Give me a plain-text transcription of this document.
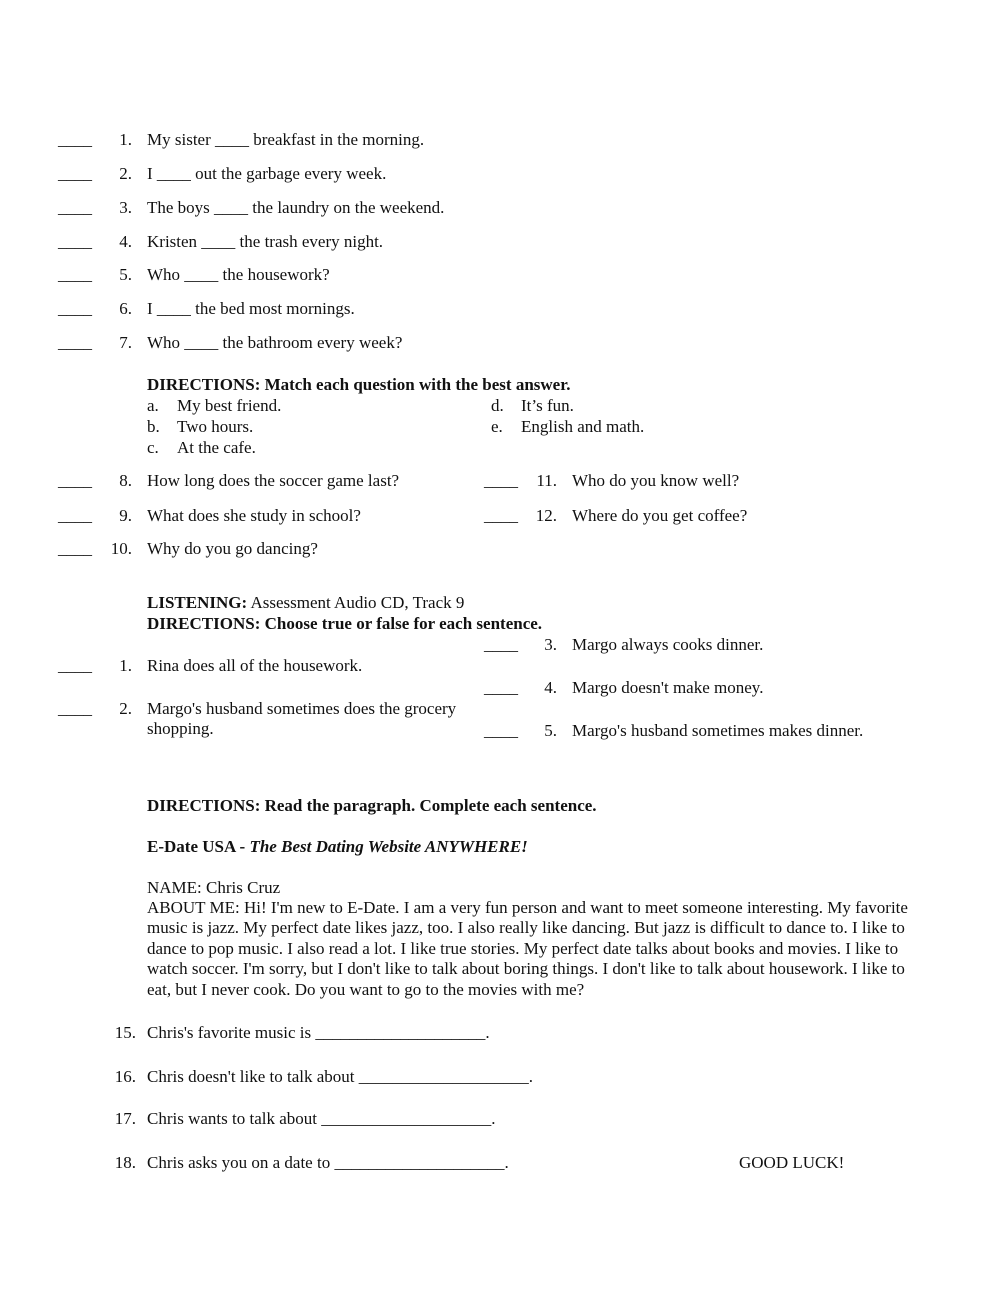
____	1. My sister ____ breakfast in the morning.
____	2. I ____ out the garbage every week.
____	3. The boys ____ the laundry on the weekend.
____	4. Kristen ____ the trash every night.
____	5. Who ____ the housework?
____	6. I ____ the bed most mornings.
____	7. Who ____ the bathroom every week?
DIRECTIONS: Match each question with the best answer.
a. My best friend.
b. Two hours.
c. At the cafe.
d. It’s fun.
e. English and math.
____	8. How long does the soccer game last?
____	9. What does she study in school?
____	10. Why do you go dancing?
____	11. Who do you know well?
____	12. Where do you get coffee?
LISTENING: Assessment Audio CD, Track 9
DIRECTIONS: Choose true or false for each sentence.
____	1. Rina does all of the housework.
____	2. Margo's husband sometimes does the grocery shopping.
____	3. Margo always cooks dinner.
____	4. Margo doesn't make money.
____	5. Margo's husband sometimes makes dinner.
DIRECTIONS: Read the paragraph. Complete each sentence.
E-Date USA - The Best Dating Website ANYWHERE!
NAME: Chris Cruz
ABOUT ME: Hi! I'm new to E-Date. I am a very fun person and want to meet someone interesting. My favorite music is jazz. My perfect date likes jazz, too. I also really like dancing. But jazz is difficult to dance to. I like to dance to pop music. I also read a lot. I like true stories. My perfect date talks about books and movies. I like to watch soccer. I'm sorry, but I don't like to talk about boring things. I don't like to talk about housework. I like to eat, but I never cook. Do you want to go to the movies with me?
15. Chris's favorite music is ____________________.
16. Chris doesn't like to talk about ____________________.
17. Chris wants to talk about ____________________.
18. Chris asks you on a date to ____________________.	GOOD LUCK!
